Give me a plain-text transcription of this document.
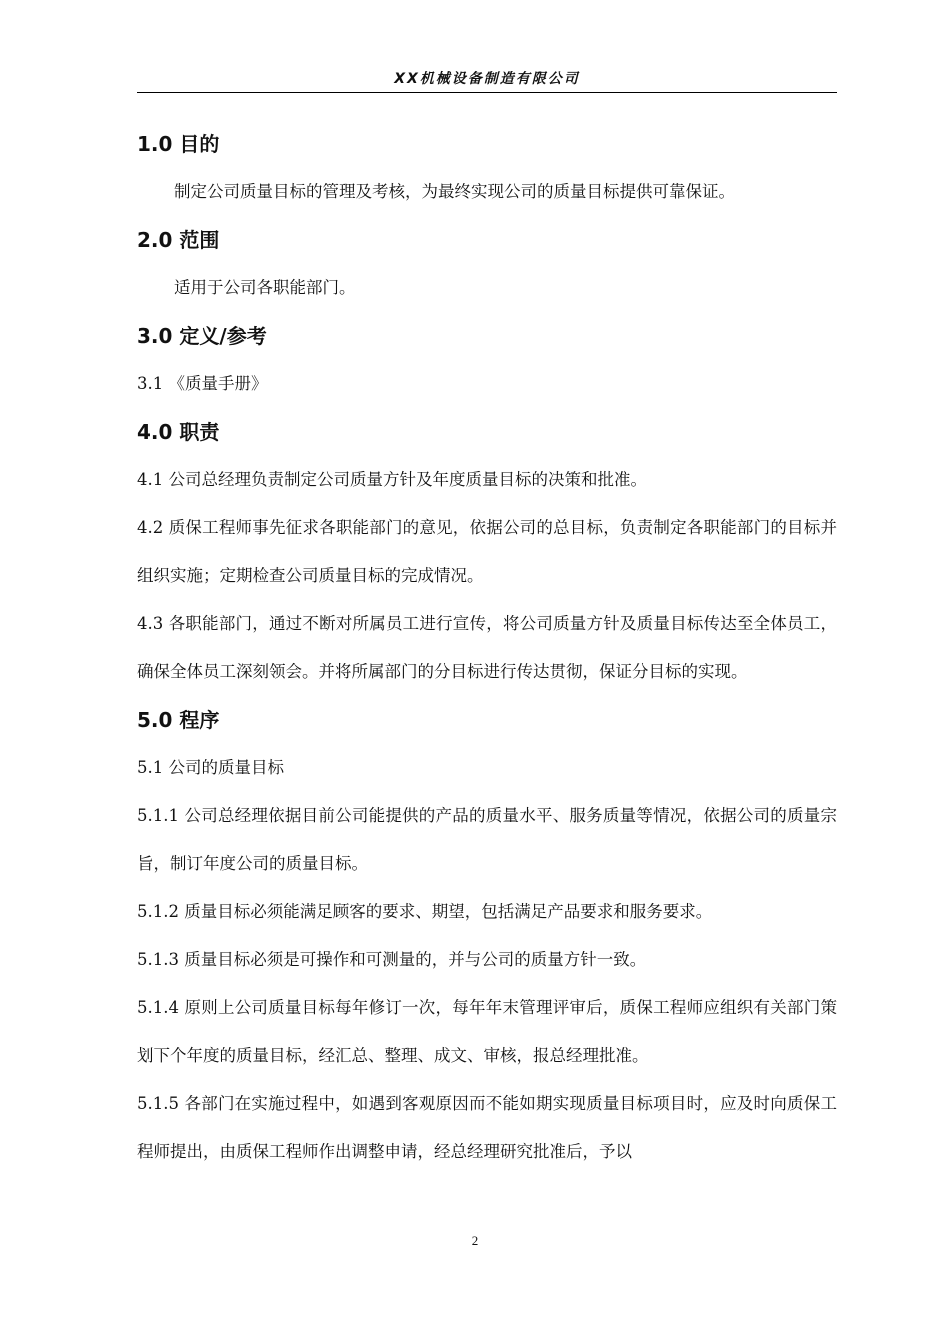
XX机械设备制造有限公司
1.0 目的

制定公司质量目标的管理及考核，为最终实现公司的质量目标提供可靠保证。

2.0 范围

适用于公司各职能部门。

3.0 定义/参考

3.1 《质量手册》

4.0 职责

4.1 公司总经理负责制定公司质量方针及年度质量目标的决策和批准。

4.2 质保工程师事先征求各职能部门的意见，依据公司的总目标，负责制定各职能部门的目标并组织实施；定期检查公司质量目标的完成情况。

4.3 各职能部门，通过不断对所属员工进行宣传，将公司质量方针及质量目标传达至全体员工，确保全体员工深刻领会。并将所属部门的分目标进行传达贯彻，保证分目标的实现。

5.0 程序

5.1 公司的质量目标

5.1.1 公司总经理依据目前公司能提供的产品的质量水平、服务质量等情况，依据公司的质量宗旨，制订年度公司的质量目标。

5.1.2 质量目标必须能满足顾客的要求、期望，包括满足产品要求和服务要求。

5.1.3 质量目标必须是可操作和可测量的，并与公司的质量方针一致。

5.1.4 原则上公司质量目标每年修订一次，每年年末管理评审后，质保工程师应组织有关部门策划下个年度的质量目标，经汇总、整理、成文、审核，报总经理批准。

5.1.5 各部门在实施过程中，如遇到客观原因而不能如期实现质量目标项目时，应及时向质保工程师提出，由质保工程师作出调整申请，经总经理研究批准后，予以

2
